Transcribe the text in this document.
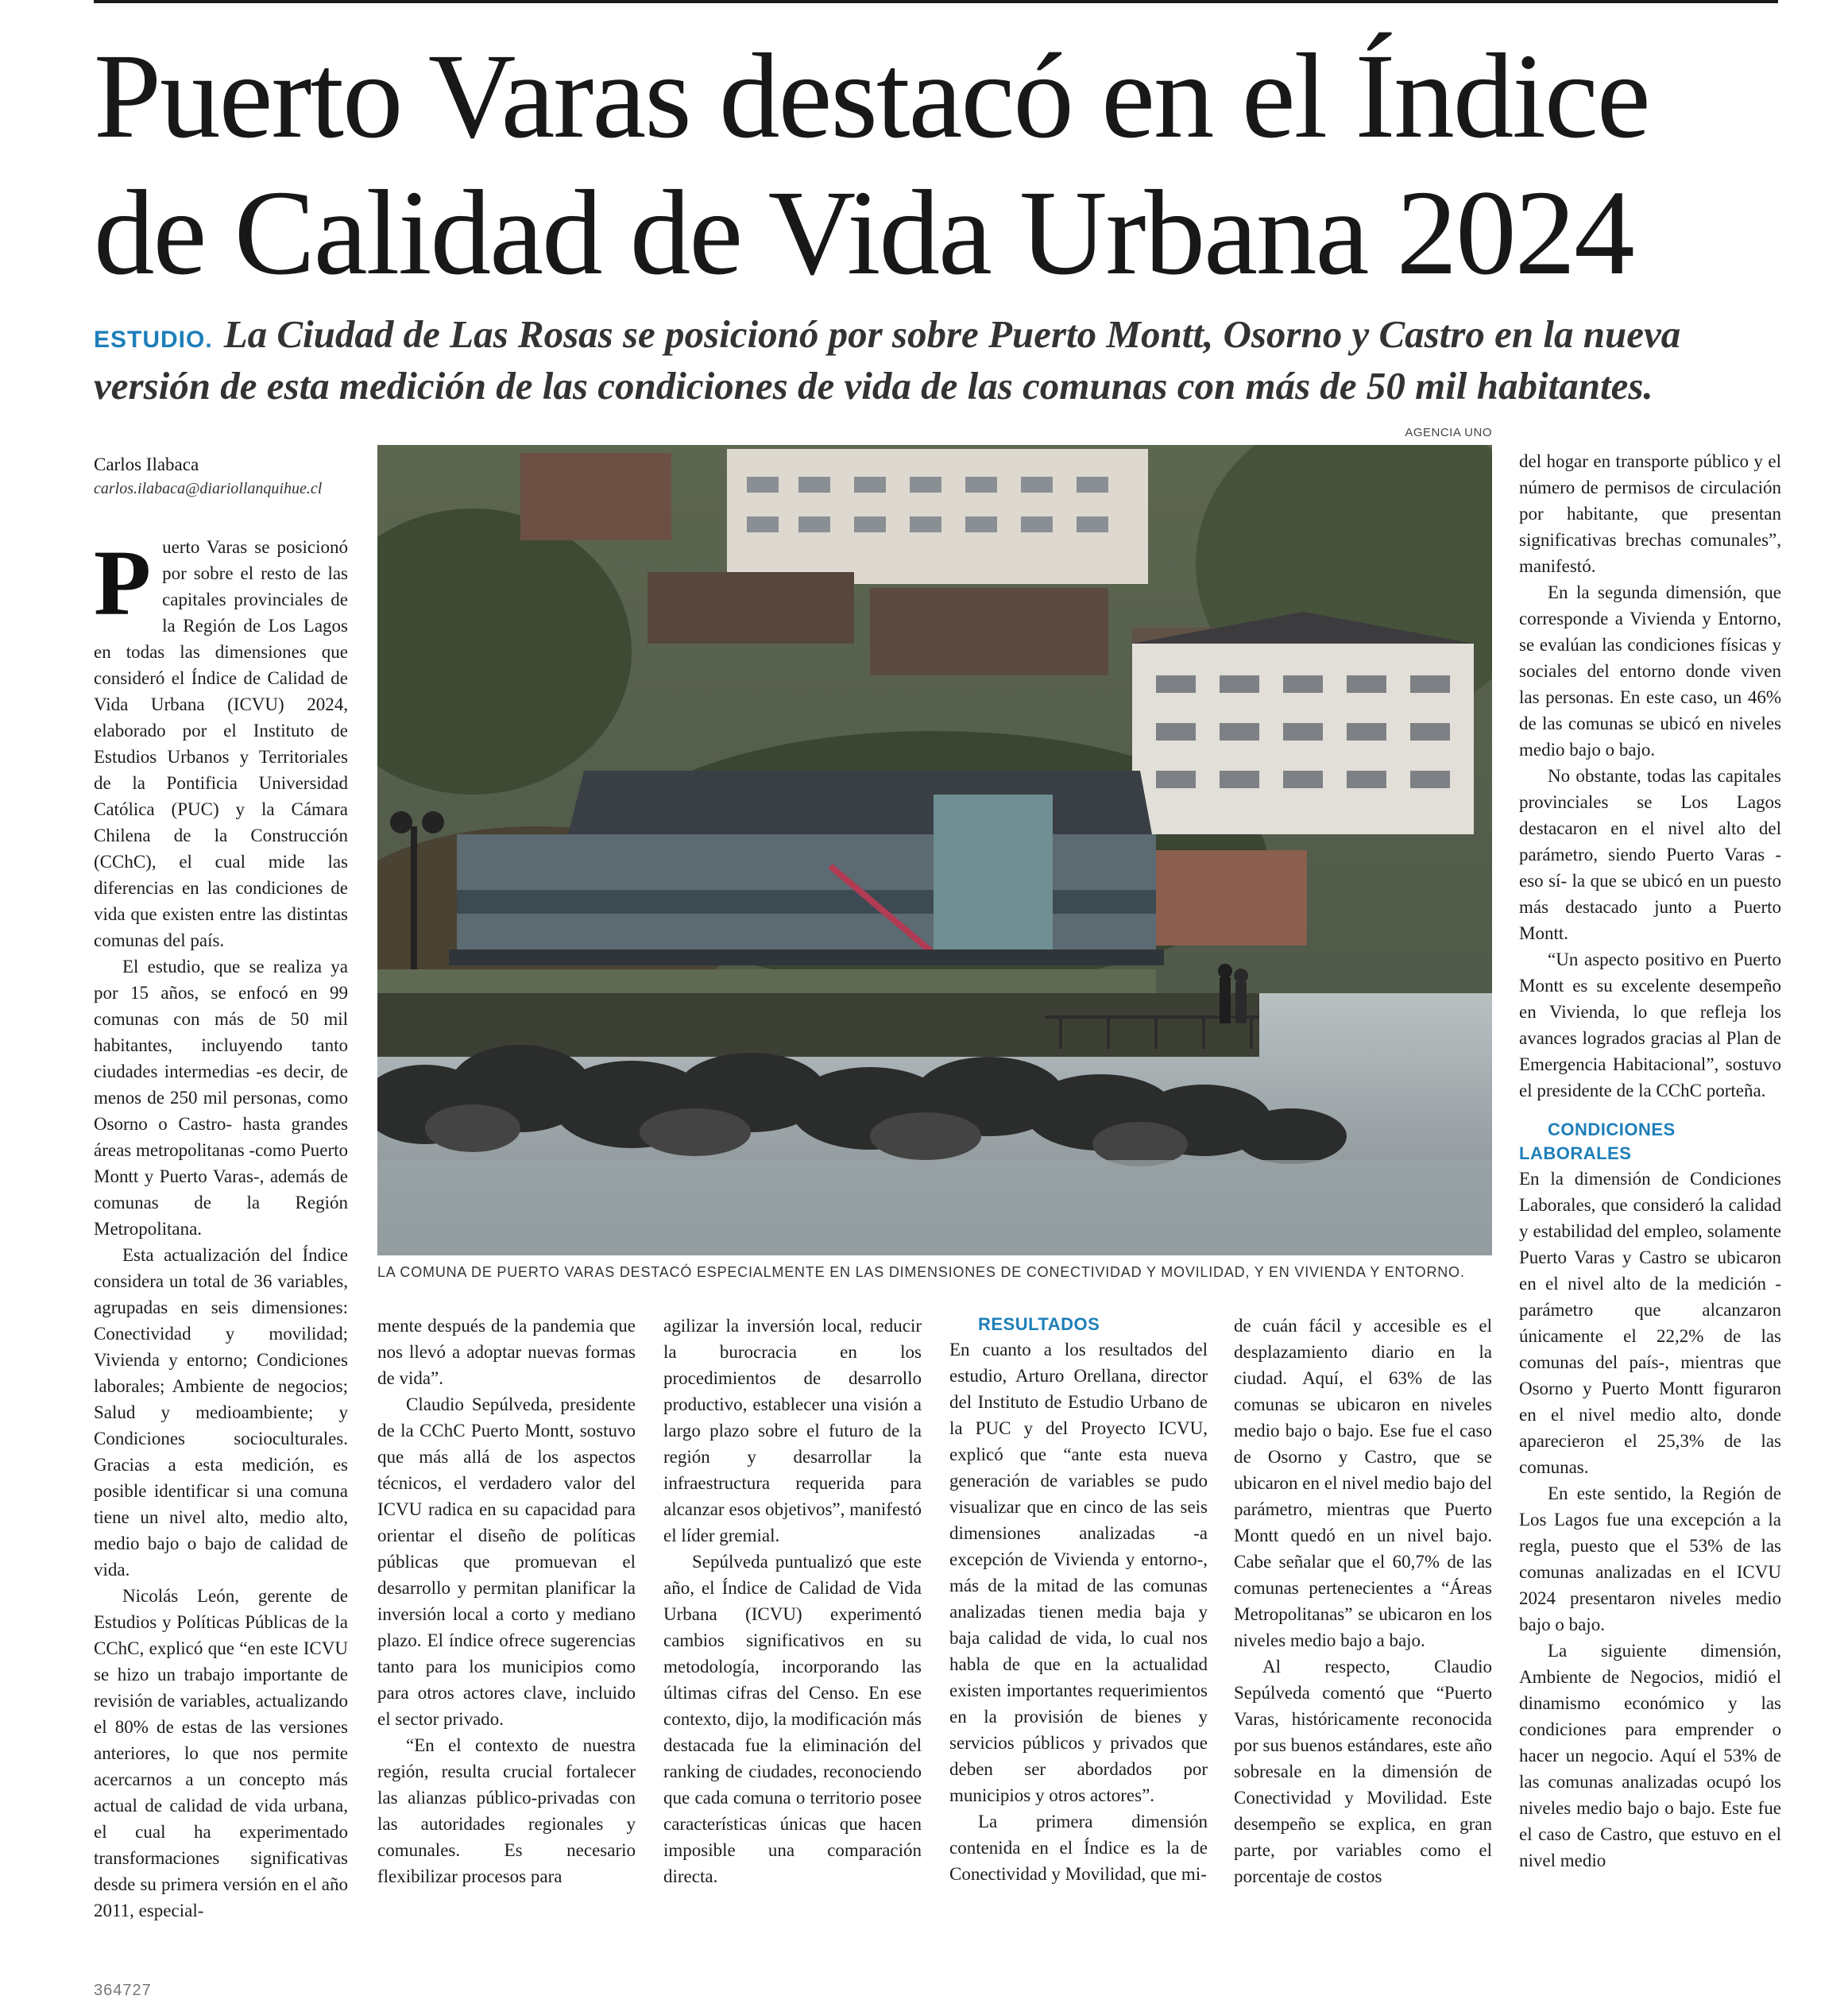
Puerto Varas destacó en el Índice
de Calidad de Vida Urbana 2024
ESTUDIO. La Ciudad de Las Rosas se posicionó por sobre Puerto Montt, Osorno y Castro en la nueva
versión de esta medición de las condiciones de vida de las comunas con más de 50 mil habitantes.
Carlos Ilabaca
carlos.ilabaca@diariollanquihue.cl
AGENCIA UNO
LA COMUNA DE PUERTO VARAS DESTACÓ ESPECIALMENTE EN LAS DIMENSIONES DE CONECTIVIDAD Y MOVILIDAD, Y EN VIVIENDA Y ENTORNO.
P uerto Varas se posicionó por sobre el resto de las capitales provinciales de la Región de Los Lagos en todas las dimensiones que consideró el Índice de Calidad de Vida Urbana (ICVU) 2024, elaborado por el Instituto de Estudios Urbanos y Territoriales de la Pontificia Universidad Católica (PUC) y la Cámara Chilena de la Construcción (CChC), el cual mide las diferencias en las condiciones de vida que existen entre las distintas comunas del país.

El estudio, que se realiza ya por 15 años, se enfocó en 99 comunas con más de 50 mil habitantes, incluyendo tanto ciudades intermedias -es decir, de menos de 250 mil personas, como Osorno o Castro- hasta grandes áreas metropolitanas -como Puerto Montt y Puerto Varas-, además de comunas de la Región Metropolitana.

Esta actualización del Índice considera un total de 36 variables, agrupadas en seis dimensiones: Conectividad y movilidad; Vivienda y entorno; Condiciones laborales; Ambiente de negocios; Salud y medioambiente; y Condiciones socioculturales. Gracias a esta medición, es posible identificar si una comuna tiene un nivel alto, medio alto, medio bajo o bajo de calidad de vida.

Nicolás León, gerente de Estudios y Políticas Públicas de la CChC, explicó que “en este ICVU se hizo un trabajo importante de revisión de variables, actualizando el 80% de estas de las versiones anteriores, lo que nos permite acercarnos a un concepto más actual de calidad de vida urbana, el cual ha experimentado transformaciones significativas desde su primera versión en el año 2011, especial-

mente después de la pandemia que nos llevó a adoptar nuevas formas de vida”.

Claudio Sepúlveda, presidente de la CChC Puerto Montt, sostuvo que más allá de los aspectos técnicos, el verdadero valor del ICVU radica en su capacidad para orientar el diseño de políticas públicas que promuevan el desarrollo y permitan planificar la inversión local a corto y mediano plazo. El índice ofrece sugerencias tanto para los municipios como para otros actores clave, incluido el sector privado.

“En el contexto de nuestra región, resulta crucial fortalecer las alianzas público-privadas con las autoridades regionales y comunales. Es necesario flexibilizar procesos para

agilizar la inversión local, reducir la burocracia en los procedimientos de desarrollo productivo, establecer una visión a largo plazo sobre el futuro de la región y desarrollar la infraestructura requerida para alcanzar esos objetivos”, manifestó el líder gremial.

Sepúlveda puntualizó que este año, el Índice de Calidad de Vida Urbana (ICVU) experimentó cambios significativos en su metodología, incorporando las últimas cifras del Censo. En ese contexto, dijo, la modificación más destacada fue la eliminación del ranking de ciudades, reconociendo que cada comuna o territorio posee características únicas que hacen imposible una comparación directa.

RESULTADOS

En cuanto a los resultados del estudio, Arturo Orellana, director del Instituto de Estudio Urbano de la PUC y del Proyecto ICVU, explicó que “ante esta nueva generación de variables se pudo visualizar que en cinco de las seis dimensiones analizadas -a excepción de Vivienda y entorno-, más de la mitad de las comunas analizadas tienen media baja y baja calidad de vida, lo cual nos habla de que en la actualidad existen importantes requerimientos en la provisión de bienes y servicios públicos y privados que deben ser abordados por municipios y otros actores”.

La primera dimensión contenida en el Índice es la de Conectividad y Movilidad, que mi-

de cuán fácil y accesible es el desplazamiento diario en la ciudad. Aquí, el 63% de las comunas se ubicaron en niveles medio bajo o bajo. Ese fue el caso de Osorno y Castro, que se ubicaron en el nivel medio bajo del parámetro, mientras que Puerto Montt quedó en un nivel bajo. Cabe señalar que el 60,7% de las comunas pertenecientes a “Áreas Metropolitanas” se ubicaron en los niveles medio bajo a bajo.

Al respecto, Claudio Sepúlveda comentó que “Puerto Varas, históricamente reconocida por sus buenos estándares, este año sobresale en la dimensión de Conectividad y Movilidad. Este desempeño se explica, en gran parte, por variables como el porcentaje de costos

del hogar en transporte público y el número de permisos de circulación por habitante, que presentan significativas brechas comunales”, manifestó.

En la segunda dimensión, que corresponde a Vivienda y Entorno, se evalúan las condiciones físicas y sociales del entorno donde viven las personas. En este caso, un 46% de las comunas se ubicó en niveles medio bajo o bajo.

No obstante, todas las capitales provinciales se Los Lagos destacaron en el nivel alto del parámetro, siendo Puerto Varas -eso sí- la que se ubicó en un puesto más destacado junto a Puerto Montt.

“Un aspecto positivo en Puerto Montt es su excelente desempeño en Vivienda, lo que refleja los avances logrados gracias al Plan de Emergencia Habitacional”, sostuvo el presidente de la CChC porteña.

CONDICIONES LABORALES

En la dimensión de Condiciones Laborales, que consideró la calidad y estabilidad del empleo, solamente Puerto Varas y Castro se ubicaron en el nivel alto de la medición -parámetro que alcanzaron únicamente el 22,2% de las comunas del país-, mientras que Osorno y Puerto Montt figuraron en el nivel medio alto, donde aparecieron el 25,3% de las comunas.

En este sentido, la Región de Los Lagos fue una excepción a la regla, puesto que el 53% de las comunas analizadas en el ICVU 2024 presentaron niveles medio bajo o bajo.

La siguiente dimensión, Ambiente de Negocios, midió el dinamismo económico y las condiciones para emprender o hacer un negocio. Aquí el 53% de las comunas analizadas ocupó los niveles medio bajo o bajo. Este fue el caso de Castro, que estuvo en el nivel medio

364727
